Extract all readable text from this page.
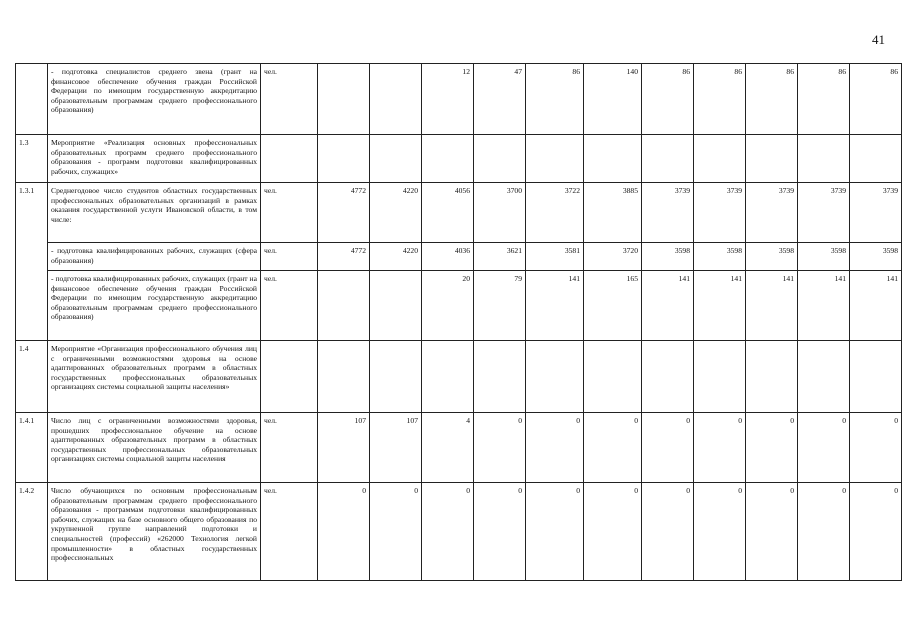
41
	- подготовка специалистов среднего звена (грант на финансовое обеспечение обучения граждан Российской Федерации по имеющим государственную аккредитацию образовательным программам среднего профессионального образования)	чел.			12	47	86	140	86	86	86	86	86
1.3	Мероприятие «Реализация основных профессиональных образовательных программ среднего профессионального образования - программ подготовки квалифицированных рабочих, служащих»												
1.3.1	Среднегодовое число студентов областных государственных профессиональных образовательных организаций в рамках оказания государственной услуги Ивановской области, в том числе:	чел.	4772	4220	4056	3700	3722	3885	3739	3739	3739	3739	3739
	- подготовка квалифицированных рабочих, служащих (сфера образования)	чел.	4772	4220	4036	3621	3581	3720	3598	3598	3598	3598	3598
	- подготовка квалифицированных рабочих, служащих (грант на финансовое обеспечение обучения граждан Российской Федерации по имеющим государственную аккредитацию образовательным программам среднего профессионального образования)	чел.			20	79	141	165	141	141	141	141	141
1.4	Мероприятие «Организация профессионального обучения лиц с ограниченными возможностями здоровья на основе адаптированных образовательных программ в областных государственных профессиональных образовательных организациях системы социальной защиты населения»												
1.4.1	Число лиц с ограниченными возможностями здоровья, прошедших профессиональное обучение на основе адаптированных образовательных программ в областных государственных профессиональных образовательных организациях системы социальной защиты населения	чел.	107	107	4	0	0	0	0	0	0	0	0
1.4.2	Число обучающихся по основным профессиональным образовательным программам среднего профессионального образования - программам подготовки квалифицированных рабочих, служащих на базе основного общего образования по укрупненной группе направлений подготовки и специальностей (профессий) «262000 Технология легкой промышленности» в областных государственных профессиональных	чел.	0	0	0	0	0	0	0	0	0	0	0
